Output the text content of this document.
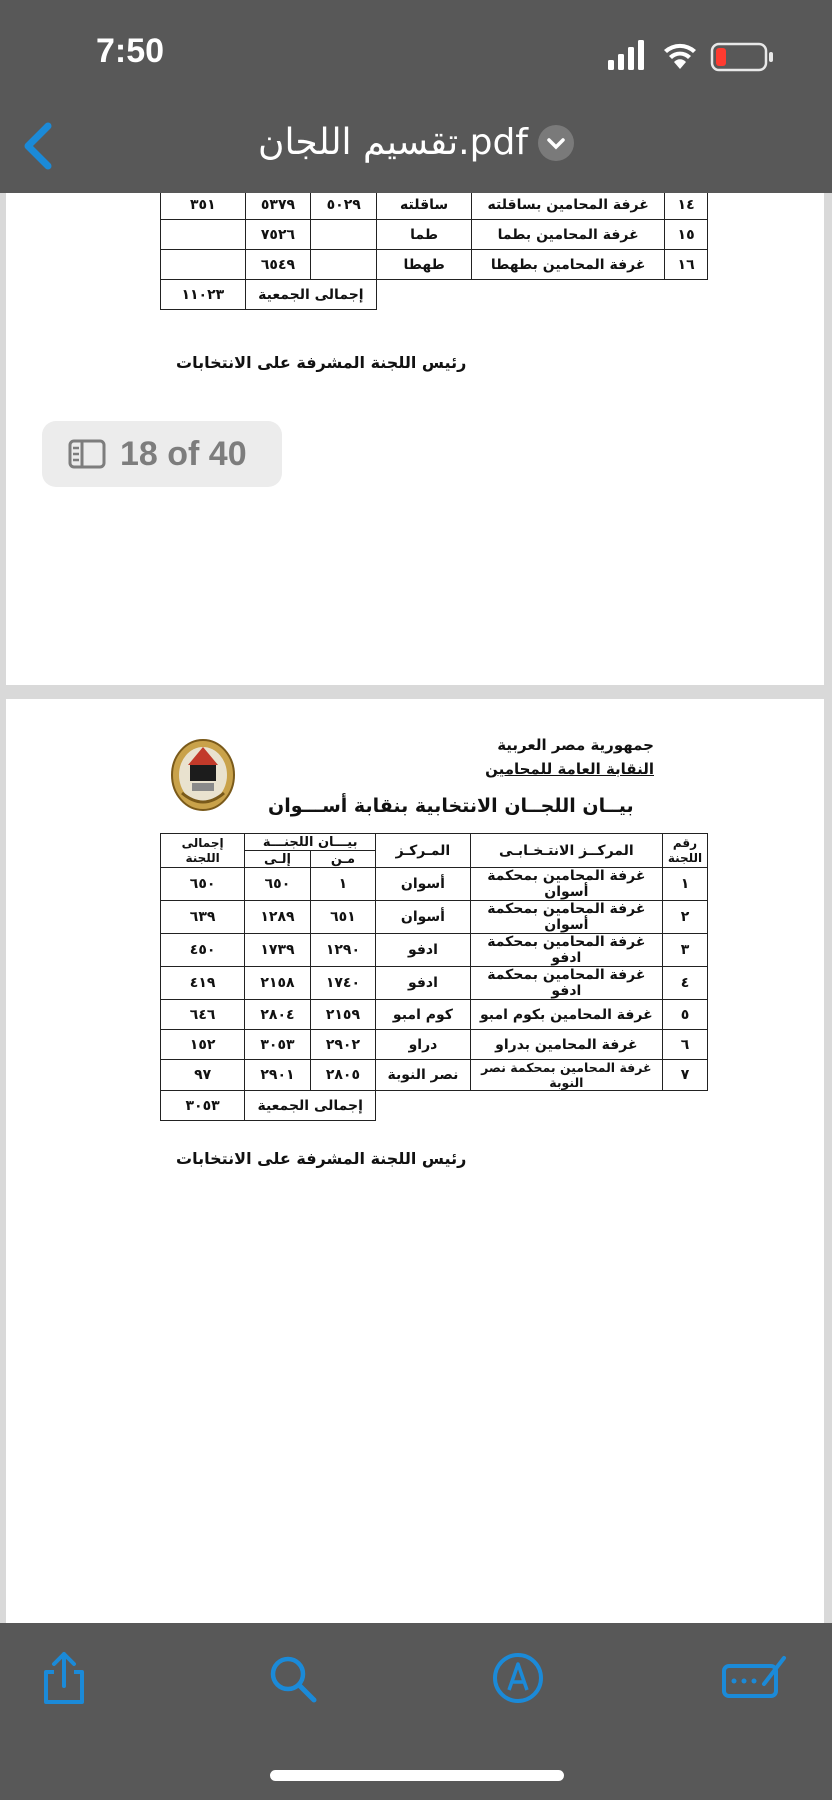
7:50
تقسيم اللجان.pdf
١٤	غرفة المحامين بساقلته	ساقلته	٥٠٢٩	٥٣٧٩	٣٥١
١٥	غرفة المحامين بطما	طما		٧٥٢٦	
١٦	غرفة المحامين بطهطا	طهطا		٦٥٤٩	
			إجمالى الجمعية		١١٠٢٣
رئيس اللجنة المشرفة على الانتخابات
جمهورية مصر العربية
النقابة العامة للمحامين
بيــان اللجــان الانتخابية بنقابة أســـوان
رقم اللجنة	المركــز الانتـخـابـى	المـركـز	بيـــان اللجنـــة		إجمالى اللجنة
			مـن	إلـى	
١	غرفة المحامين بمحكمة أسوان	أسوان	١	٦٥٠	٦٥٠
٢	غرفة المحامين بمحكمة أسوان	أسوان	٦٥١	١٢٨٩	٦٣٩
٣	غرفة المحامين بمحكمة ادفو	ادفو	١٢٩٠	١٧٣٩	٤٥٠
٤	غرفة المحامين بمحكمة ادفو	ادفو	١٧٤٠	٢١٥٨	٤١٩
٥	غرفة المحامين بكوم امبو	كوم امبو	٢١٥٩	٢٨٠٤	٦٤٦
٦	غرفة المحامين بدراو	دراو	٢٩٠٢	٣٠٥٣	١٥٢
٧	غرفة المحامين بمحكمة نصر النوبة	نصر النوبة	٢٨٠٥	٢٩٠١	٩٧
			إجمالى الجمعية		٣٠٥٣
رئيس اللجنة المشرفة على الانتخابات
18 of 40
